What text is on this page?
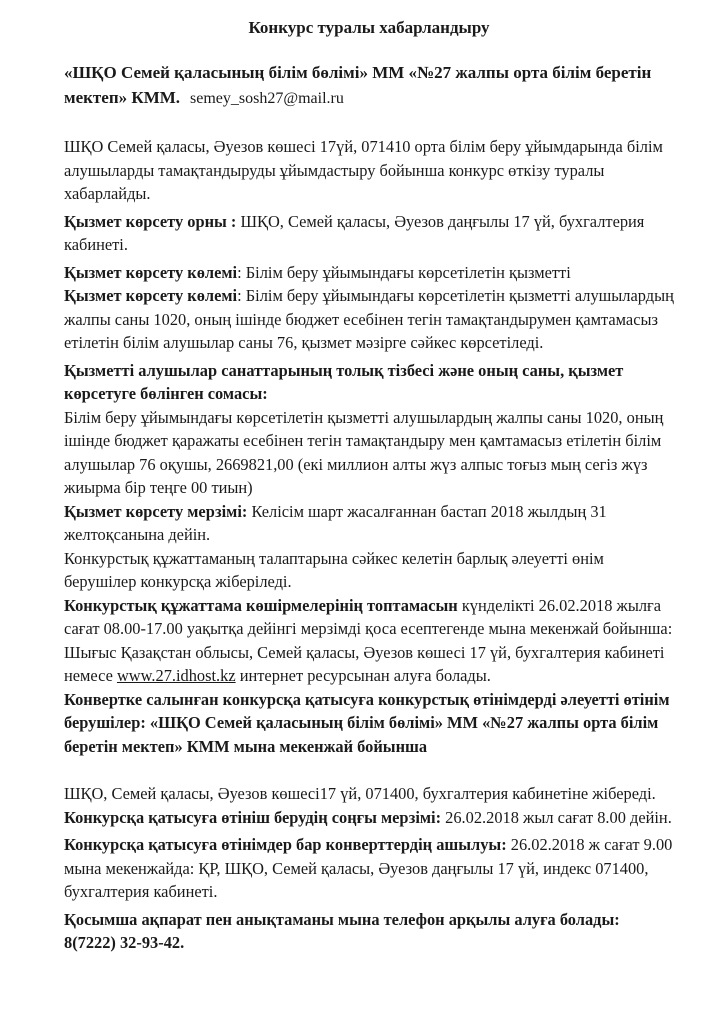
Конкурс туралы хабарландыру
«ШҚО Семей қаласының білім бөлімі» ММ «№27 жалпы орта білім беретін мектеп» КММ. semey_sosh27@mail.ru

ШҚО Семей қаласы, Әуезов көшесі 17үй, 071410 орта білім беру ұйымдарында білім алушыларды тамақтандыруды ұйымдастыру бойынша конкурс өткізу туралы хабарлайды.

Қызмет көрсету орны : ШҚО, Семей қаласы, Әуезов даңғылы 17 үй, бухгалтерия кабинеті.

Қызмет көрсету көлемі: Білім беру ұйымындағы көрсетілетін қызметті

Қызмет көрсету көлемі: Білім беру ұйымындағы көрсетілетін қызметті алушылардың жалпы саны 1020, оның ішінде бюджет есебінен тегін тамақтандырумен қамтамасыз етілетін білім алушылар саны 76, қызмет мәзірге сәйкес көрсетіледі.

Қызметті алушылар санаттарының толық тізбесі және оның саны, қызмет көрсетуге бөлінген сомасы:

Білім беру ұйымындағы көрсетілетін қызметті алушылардың жалпы саны 1020, оның ішінде бюджет қаражаты есебінен тегін тамақтандыру мен қамтамасыз етілетін білім алушылар 76 оқушы, 2669821,00 (екі миллион алты жүз алпыс тоғыз мың сегіз жүз жиырма бір теңге 00 тиын)

Қызмет көрсету мерзімі: Келісім шарт жасалғаннан бастап 2018 жылдың 31 желтоқсанына дейін.

Конкурстық құжаттаманың талаптарына сәйкес келетін барлық әлеуетті өнім берушілер конкурсқа жіберіледі.

Конкурстық құжаттама көшірмелерінің топтамасын күнделікті 26.02.2018 жылға сағат 08.00-17.00 уақытқа дейінгі мерзімді қоса есептегенде мына мекенжай бойынша: Шығыс Қазақстан облысы, Семей қаласы, Әуезов көшесі 17 үй, бухгалтерия кабинеті немесе www.27.idhost.kz интернет ресурсынан алуға болады.

Конвертке салынған конкурсқа қатысуға конкурстық өтінімдерді әлеуетті өтінім берушілер: «ШҚО Семей қаласының білім бөлімі» ММ «№27 жалпы орта білім беретін мектеп» КММ мына мекенжай бойынша

ШҚО, Семей қаласы, Әуезов көшесі17 үй, 071400, бухгалтерия кабинетіне жібереді.

Конкурсқа қатысуға өтініш берудің соңғы мерзімі: 26.02.2018 жыл сағат 8.00 дейін.

Конкурсқа қатысуға өтінімдер бар конверттердің ашылуы: 26.02.2018 ж сағат 9.00 мына мекенжайда: ҚР, ШҚО, Семей қаласы, Әуезов даңғылы 17 үй, индекс 071400, бухгалтерия кабинеті.

Қосымша ақпарат пен анықтаманы мына телефон арқылы алуға болады: 8(7222) 32-93-42.
